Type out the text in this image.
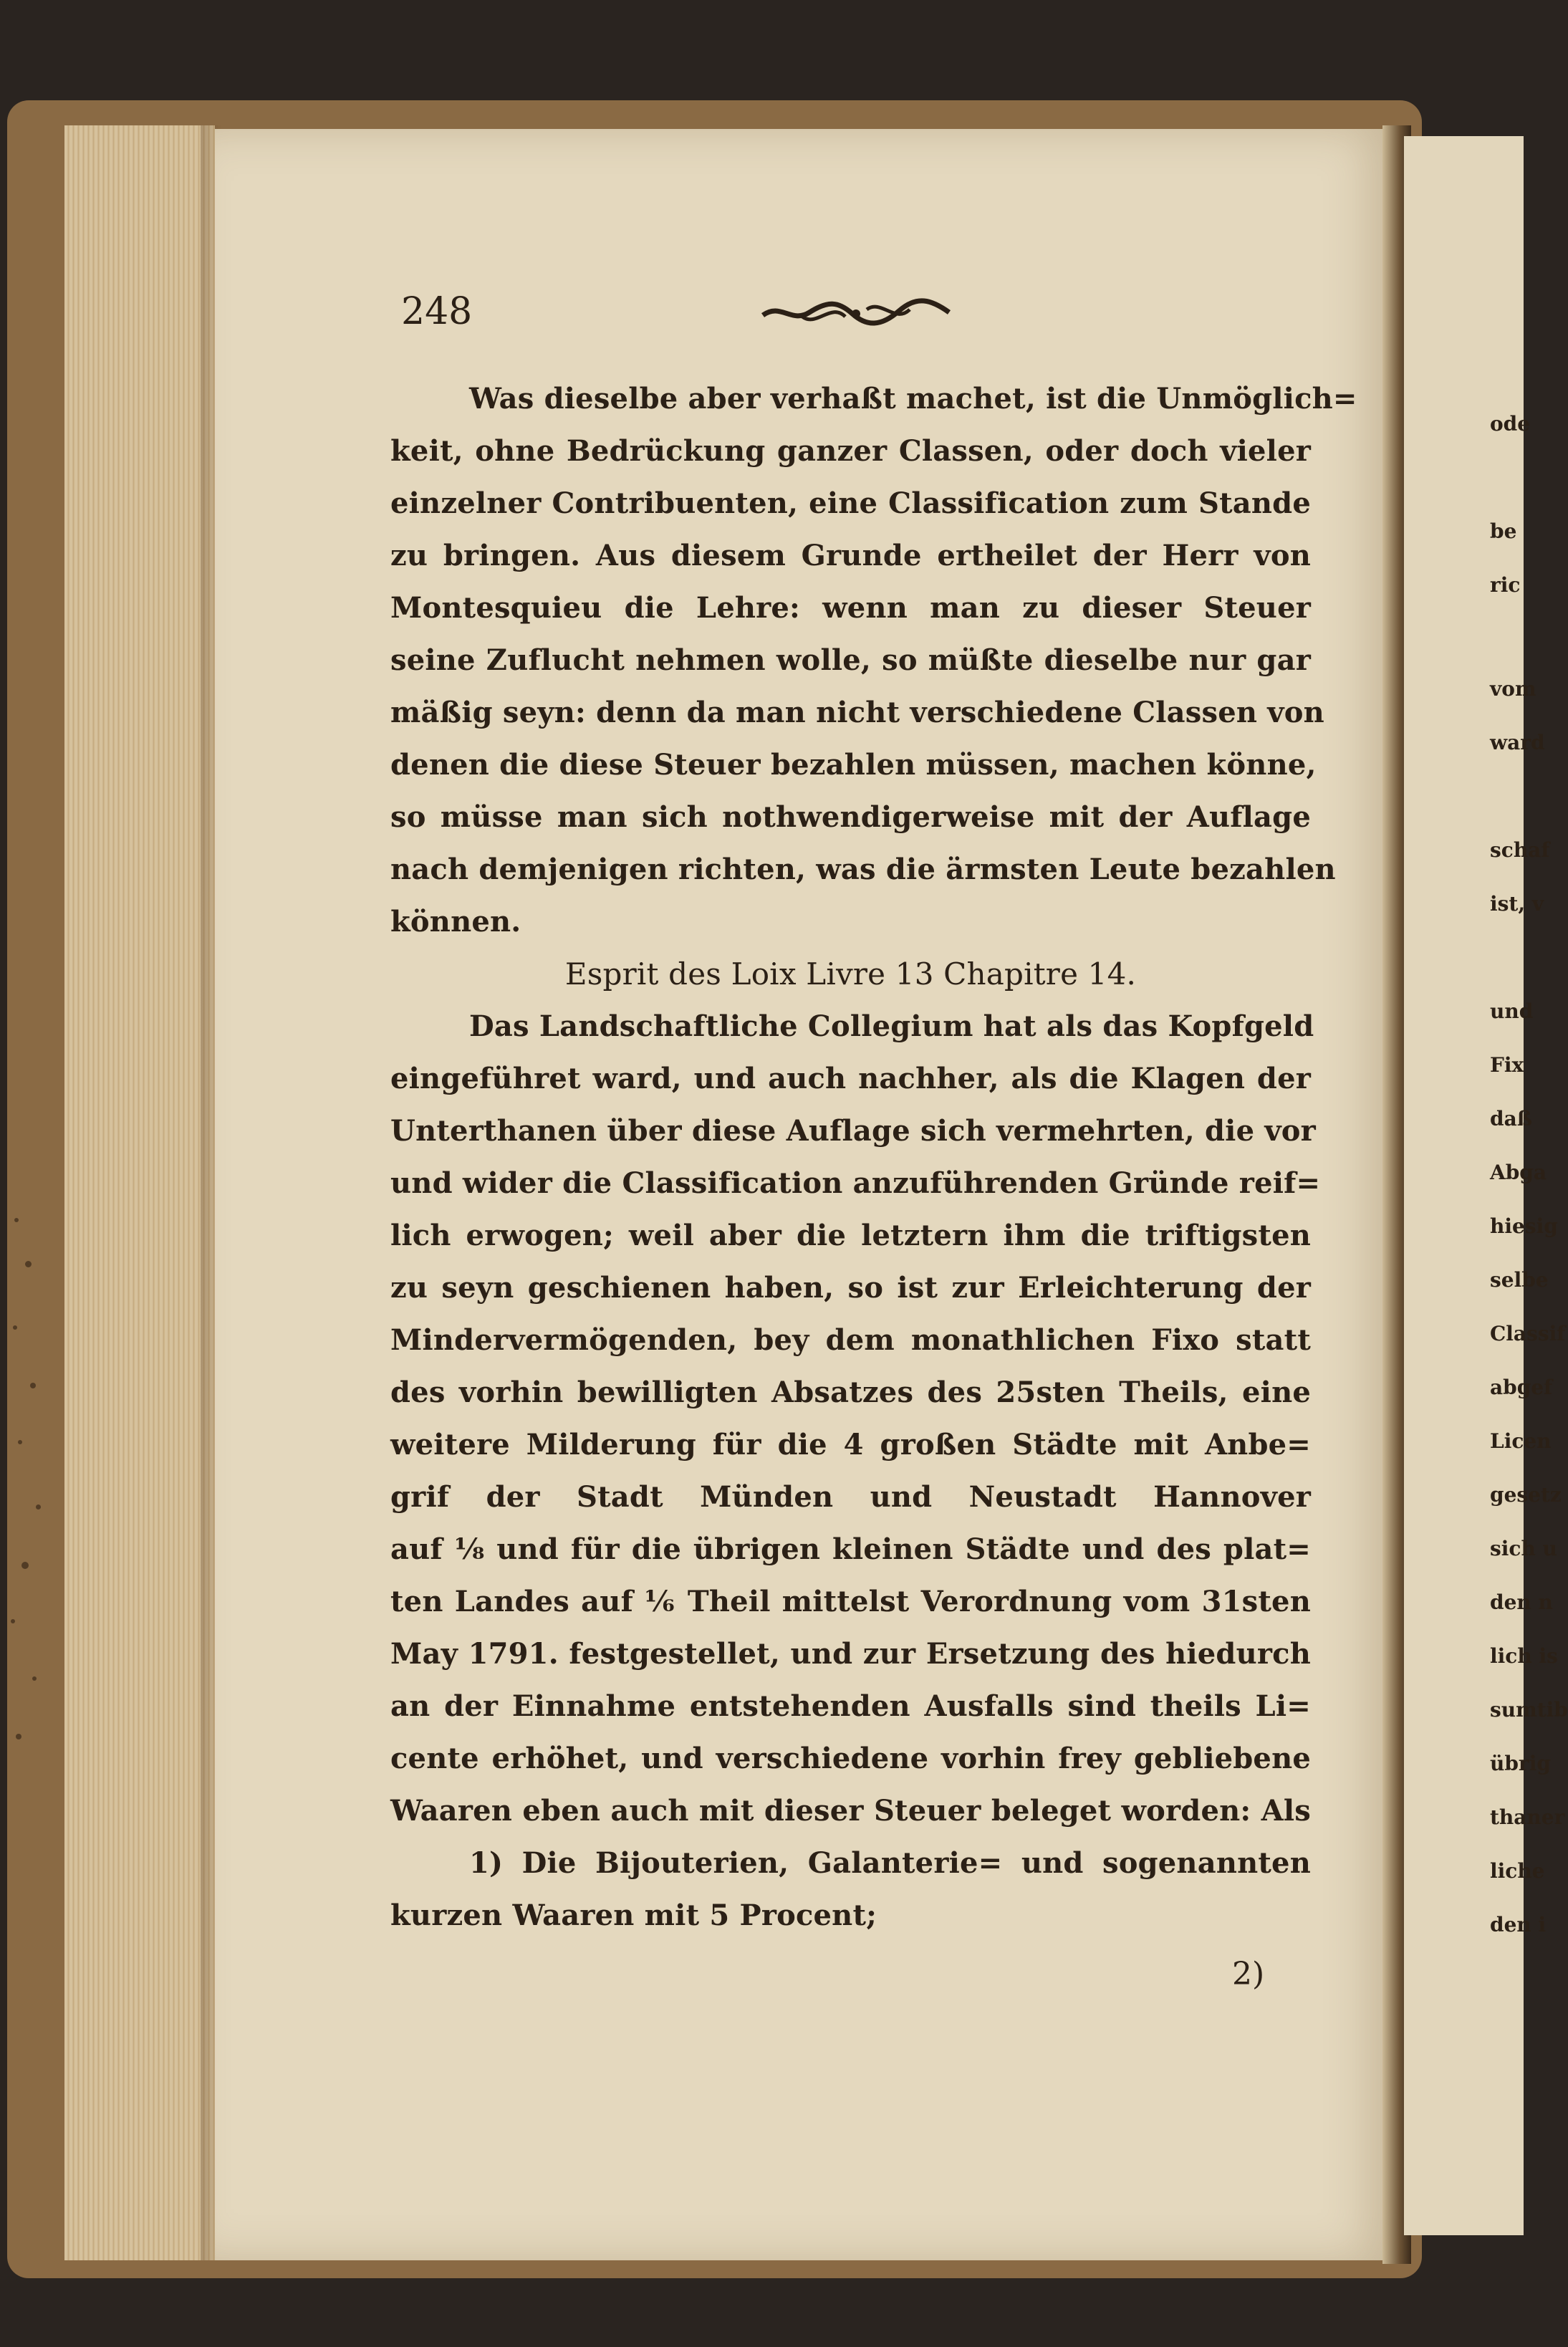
248
Was dieselbe aber verhaßt machet, ist die Unmöglich=
keit, ohne Bedrückung ganzer Classen, oder doch vieler
einzelner Contribuenten, eine Classification zum Stande
zu bringen. Aus diesem Grunde ertheilet der Herr von
Montesquieu die Lehre: wenn man zu dieser Steuer
seine Zuflucht nehmen wolle, so müßte dieselbe nur gar
mäßig seyn: denn da man nicht verschiedene Classen von
denen die diese Steuer bezahlen müssen, machen könne,
so müsse man sich nothwendigerweise mit der Auflage
nach demjenigen richten, was die ärmsten Leute bezahlen
können.
Esprit des Loix Livre 13 Chapitre 14.
Das Landschaftliche Collegium hat als das Kopfgeld
eingeführet ward, und auch nachher, als die Klagen der
Unterthanen über diese Auflage sich vermehrten, die vor
und wider die Classification anzuführenden Gründe reif=
lich erwogen; weil aber die letztern ihm die triftigsten
zu seyn geschienen haben, so ist zur Erleichterung der
Mindervermögenden, bey dem monathlichen Fixo statt
des vorhin bewilligten Absatzes des 25sten Theils, eine
weitere Milderung für die 4 großen Städte mit Anbe=
grif der Stadt Münden und Neustadt Hannover
auf ⅛ und für die übrigen kleinen Städte und des plat=
ten Landes auf ⅙ Theil mittelst Verordnung vom 31sten
May 1791. festgestellet, und zur Ersetzung des hiedurch
an der Einnahme entstehenden Ausfalls sind theils Li=
cente erhöhet, und verschiedene vorhin frey gebliebene
Waaren eben auch mit dieser Steuer beleget worden: Als
1) Die Bijouterien, Galanterie= und sogenannten
kurzen Waaren mit 5 Procent;
2)
ode
be
ric
vom
ward
schaf
ist, v
und
Fix
daß
Abga
hiesig
selbe
Classif
abgef
Licen
gesetz
sich u
den n
lich is
sumtib
übrig
thaner
liche
den i
